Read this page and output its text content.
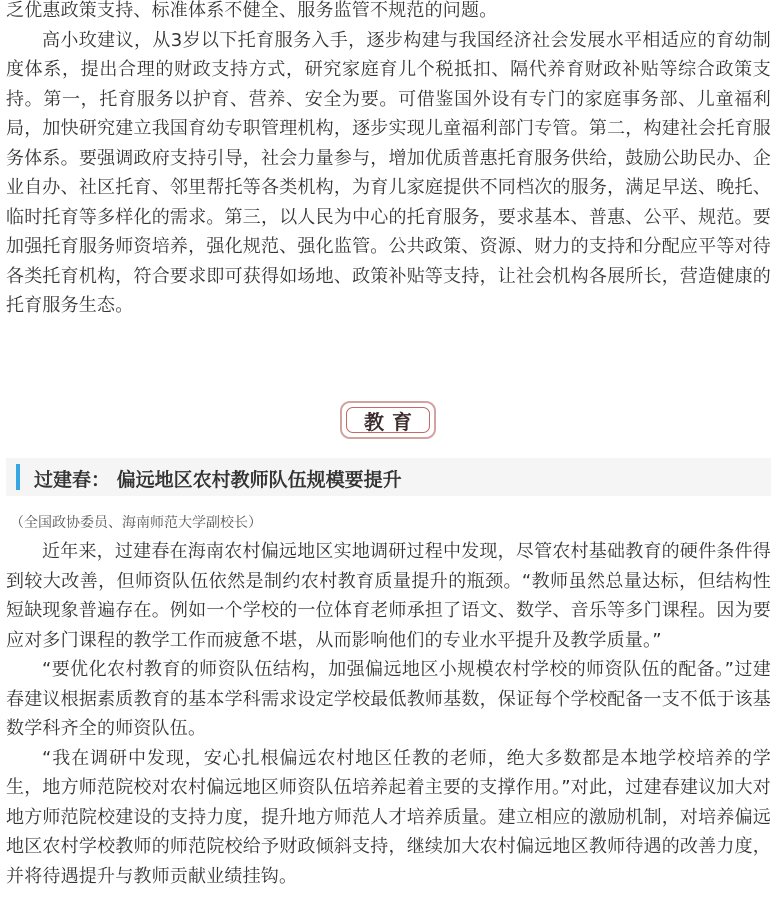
乏优惠政策支持、标准体系不健全、服务监管不规范的问题。

高小玫建议，从3岁以下托育服务入手，逐步构建与我国经济社会发展水平相适应的育幼制度体系，提出合理的财政支持方式，研究家庭育儿个税抵扣、隔代养育财政补贴等综合政策支持。第一，托育服务以护育、营养、安全为要。可借鉴国外设有专门的家庭事务部、儿童福利局，加快研究建立我国育幼专职管理机构，逐步实现儿童福利部门专管。第二，构建社会托育服务体系。要强调政府支持引导，社会力量参与，增加优质普惠托育服务供给，鼓励公助民办、企业自办、社区托育、邻里帮托等各类机构，为育儿家庭提供不同档次的服务，满足早送、晚托、临时托育等多样化的需求。第三，以人民为中心的托育服务，要求基本、普惠、公平、规范。要加强托育服务师资培养，强化规范、强化监管。公共政策、资源、财力的支持和分配应平等对待各类托育机构，符合要求即可获得如场地、政策补贴等支持，让社会机构各展所长，营造健康的托育服务生态。

教育
过建春： 偏远地区农村教师队伍规模要提升
（全国政协委员、海南师范大学副校长）

近年来，过建春在海南农村偏远地区实地调研过程中发现，尽管农村基础教育的硬件条件得到较大改善，但师资队伍依然是制约农村教育质量提升的瓶颈。“教师虽然总量达标，但结构性短缺现象普遍存在。例如一个学校的一位体育老师承担了语文、数学、音乐等多门课程。因为要应对多门课程的教学工作而疲惫不堪，从而影响他们的专业水平提升及教学质量。”

“要优化农村教育的师资队伍结构，加强偏远地区小规模农村学校的师资队伍的配备。”过建春建议根据素质教育的基本学科需求设定学校最低教师基数，保证每个学校配备一支不低于该基数学科齐全的师资队伍。

“我在调研中发现，安心扎根偏远农村地区任教的老师，绝大多数都是本地学校培养的学生，地方师范院校对农村偏远地区师资队伍培养起着主要的支撑作用。”对此，过建春建议加大对地方师范院校建设的支持力度，提升地方师范人才培养质量。建立相应的激励机制，对培养偏远地区农村学校教师的师范院校给予财政倾斜支持，继续加大农村偏远地区教师待遇的改善力度，并将待遇提升与教师贡献业绩挂钩。
